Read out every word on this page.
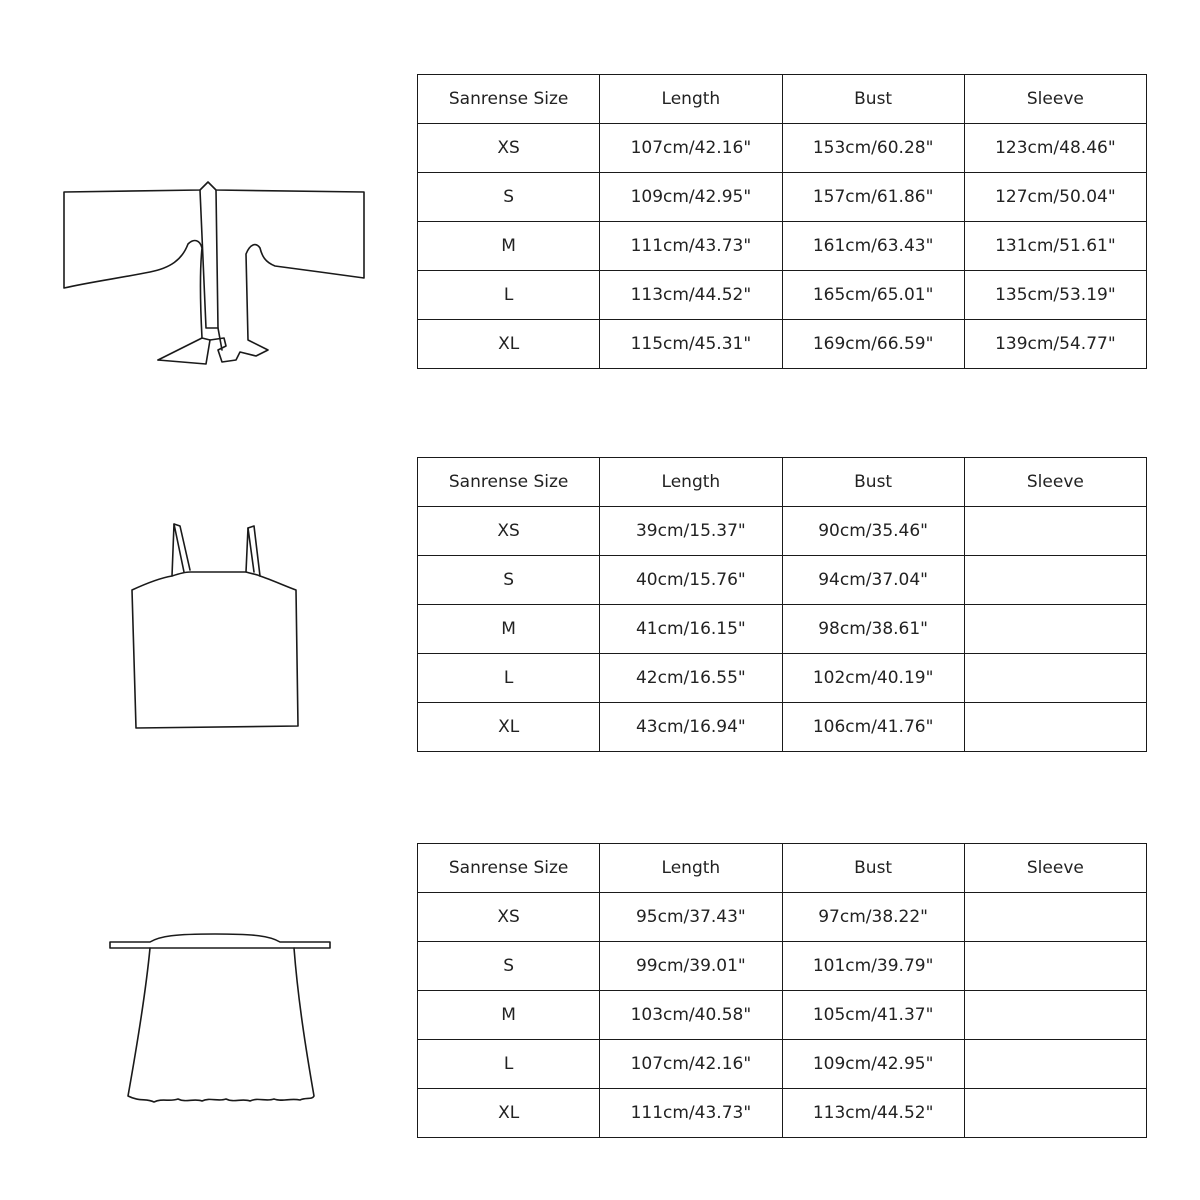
Sanrense Size	Length	Bust	Sleeve
XS	107cm/42.16"	153cm/60.28"	123cm/48.46"
S	109cm/42.95"	157cm/61.86"	127cm/50.04"
M	111cm/43.73"	161cm/63.43"	131cm/51.61"
L	113cm/44.52"	165cm/65.01"	135cm/53.19"
XL	115cm/45.31"	169cm/66.59"	139cm/54.77"
Sanrense Size	Length	Bust	Sleeve
XS	39cm/15.37"	90cm/35.46"	
S	40cm/15.76"	94cm/37.04"	
M	41cm/16.15"	98cm/38.61"	
L	42cm/16.55"	102cm/40.19"	
XL	43cm/16.94"	106cm/41.76"	
Sanrense Size	Length	Bust	Sleeve
XS	95cm/37.43"	97cm/38.22"	
S	99cm/39.01"	101cm/39.79"	
M	103cm/40.58"	105cm/41.37"	
L	107cm/42.16"	109cm/42.95"	
XL	111cm/43.73"	113cm/44.52"	
